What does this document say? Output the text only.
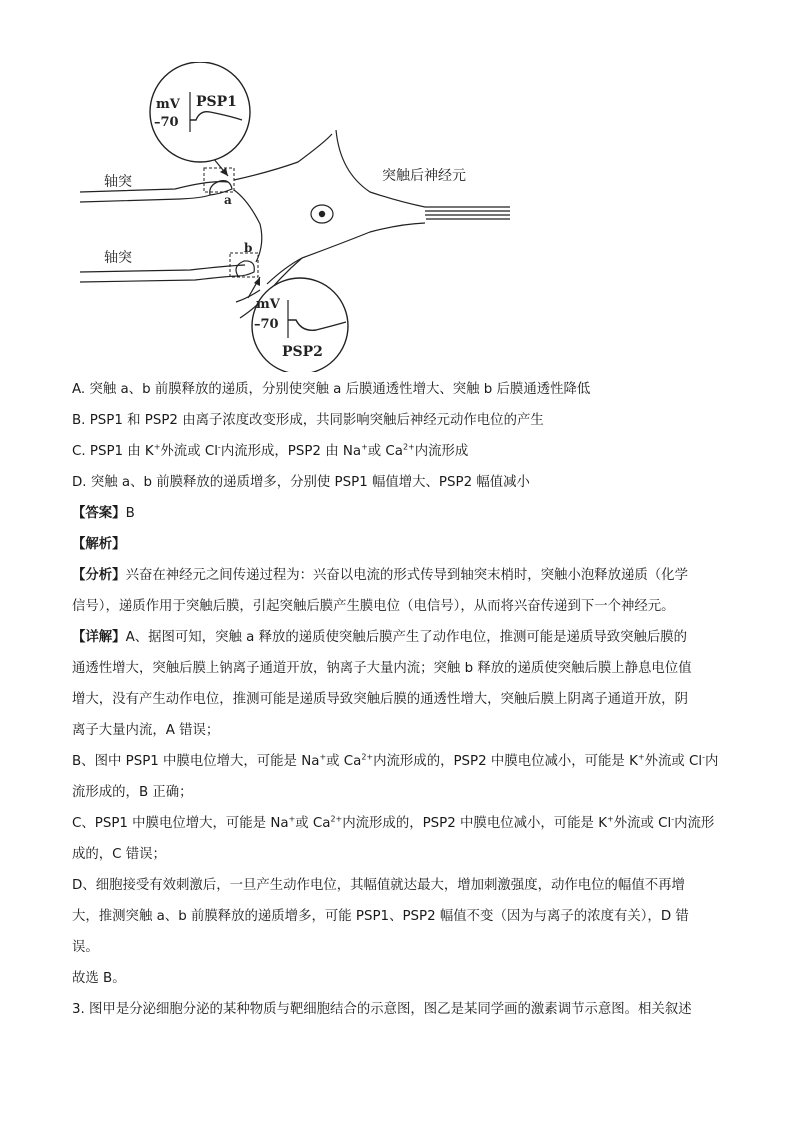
mV
–70
PSP1
mV
–70
PSP2
轴突
轴突
突触后神经元
a
b
A. 突触 a、b 前膜释放的递质，分别使突触 a 后膜通透性增大、突触 b 后膜通透性降低
B. PSP1 和 PSP2 由离子浓度改变形成，共同影响突触后神经元动作电位的产生
C. PSP1 由 K+外流或 Cl-内流形成，PSP2 由 Na+或 $Ca^{2+}$内流形成
D. 突触 a、b 前膜释放的递质增多，分别使 PSP1 幅值增大、PSP2 幅值减小
【答案】B
【解析】
【分析】兴奋在神经元之间传递过程为：兴奋以电流的形式传导到轴突末梢时，突触小泡释放递质（化学
信号），递质作用于突触后膜，引起突触后膜产生膜电位（电信号），从而将兴奋传递到下一个神经元。
【详解】A、据图可知，突触 a 释放的递质使突触后膜产生了动作电位，推测可能是递质导致突触后膜的
通透性增大，突触后膜上钠离子通道开放，钠离子大量内流；突触 b 释放的递质使突触后膜上静息电位值
增大，没有产生动作电位，推测可能是递质导致突触后膜的通透性增大，突触后膜上阴离子通道开放，阴
离子大量内流，A 错误；
B、图中 PSP1 中膜电位增大，可能是 Na+或 $Ca^{2+}$内流形成的，PSP2 中膜电位减小，可能是 K+外流或 Cl-内
流形成的，B 正确；
C、PSP1 中膜电位增大，可能是 Na+或 $Ca^{2+}$内流形成的，PSP2 中膜电位减小，可能是 K+外流或 Cl-内流形
成的，C 错误；
D、细胞接受有效刺激后，一旦产生动作电位，其幅值就达最大，增加刺激强度，动作电位的幅值不再增
大，推测突触 a、b 前膜释放的递质增多，可能 PSP1、PSP2 幅值不变（因为与离子的浓度有关），D 错
误。
故选 B。
3. 图甲是分泌细胞分泌的某种物质与靶细胞结合的示意图，图乙是某同学画的激素调节示意图。相关叙述
